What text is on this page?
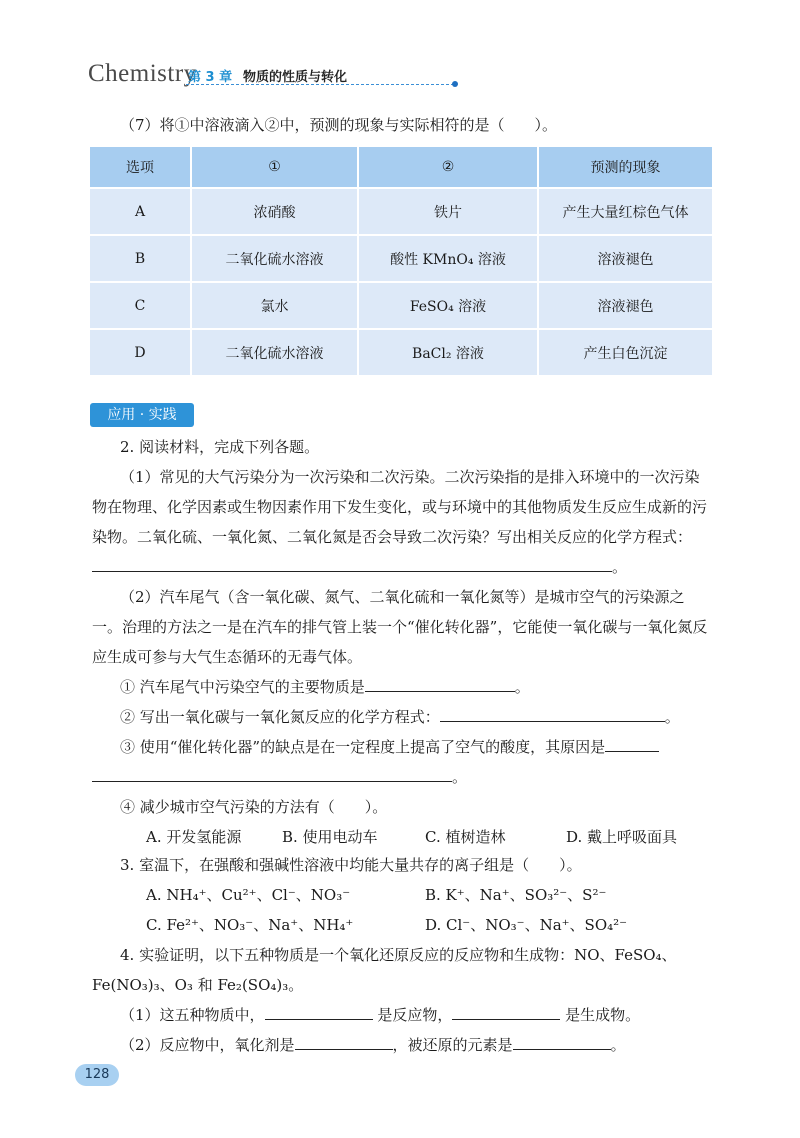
Chemistry
第 3 章 物质的性质与转化
（7）将①中溶液滴入②中，预测的现象与实际相符的是（　　）。
选项	①	②	预测的现象
A	浓硝酸	铁片	产生大量红棕色气体
B	二氧化硫水溶液	酸性 KMnO₄ 溶液	溶液褪色
C	氯水	FeSO₄ 溶液	溶液褪色
D	二氧化硫水溶液	BaCl₂ 溶液	产生白色沉淀
应用 · 实践
2. 阅读材料，完成下列各题。
（1）常见的大气污染分为一次污染和二次污染。二次污染指的是排入环境中的一次污染物在物理、化学因素或生物因素作用下发生变化，或与环境中的其他物质发生反应生成新的污染物。二氧化硫、一氧化氮、二氧化氮是否会导致二次污染？写出相关反应的化学方程式：。
（2）汽车尾气（含一氧化碳、氮气、二氧化硫和一氧化氮等）是城市空气的污染源之一。治理的方法之一是在汽车的排气管上装一个“催化转化器”，它能使一氧化碳与一氧化氮反应生成可参与大气生态循环的无毒气体。
① 汽车尾气中污染空气的主要物质是	。
② 写出一氧化碳与一氧化氮反应的化学方程式：	。
③ 使用“催化转化器”的缺点是在一定程度上提高了空气的酸度，其原因是
。
④ 减少城市空气污染的方法有（　　）。
A. 开发氢能源	B. 使用电动车	C. 植树造林	D. 戴上呼吸面具
3. 室温下，在强酸和强碱性溶液中均能大量共存的离子组是（　　）。
A. NH₄⁺、Cu²⁺、Cl⁻、NO₃⁻	B. K⁺、Na⁺、SO₃²⁻、S²⁻
C. Fe²⁺、NO₃⁻、Na⁺、NH₄⁺	D. Cl⁻、NO₃⁻、Na⁺、SO₄²⁻
4. 实验证明，以下五种物质是一个氧化还原反应的反应物和生成物：NO、FeSO₄、Fe(NO₃)₃、O₃ 和 Fe₂(SO₄)₃。
（1）这五种物质中，	是反应物，	是生成物。
（2）反应物中，氧化剂是	，被还原的元素是	。
128
